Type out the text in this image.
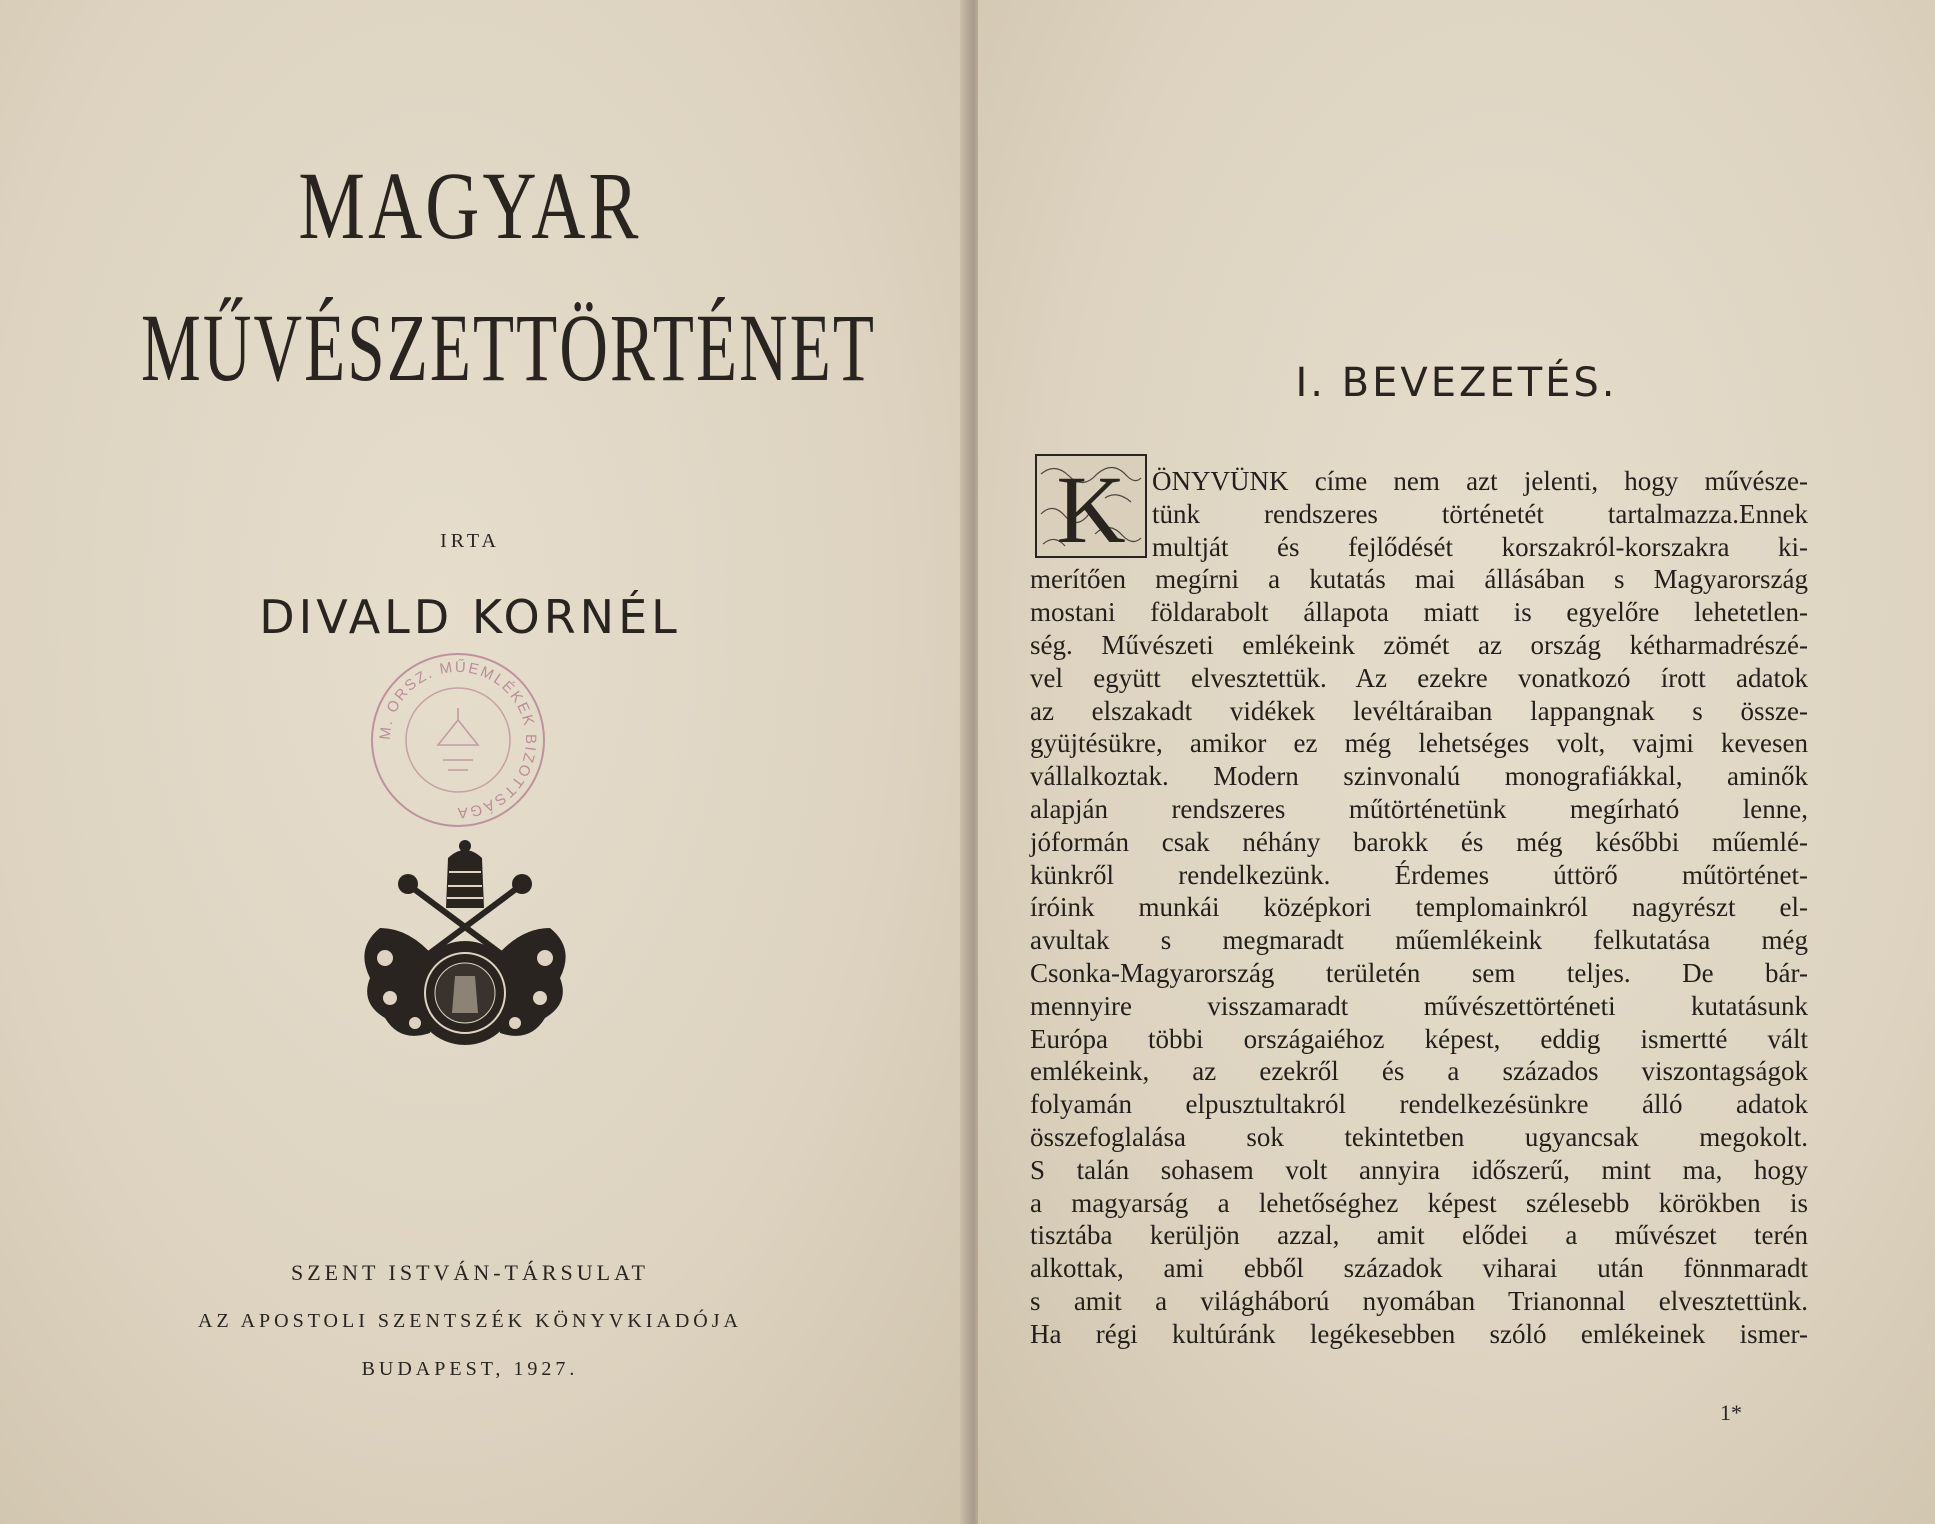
MAGYAR
MŰVÉSZETTÖRTÉNET
IRTA
DIVALD KORNÉL
M. ORSZ. MŰEMLÉKEK BIZOTTSÁGA
SZENT ISTVÁN-TÁRSULAT
AZ APOSTOLI SZENTSZÉK KÖNYVKIADÓJA
BUDAPEST, 1927.
I. BEVEZETÉS.
K ÖNYVÜNK címe nem azt jelenti, hogy művésze-
tünk rendszeres történetét tartalmazza.Ennek
multját és fejlődését korszakról-korszakra ki-
merítően megírni a kutatás mai állásában s Magyarország
mostani földarabolt állapota miatt is egyelőre lehetetlen-
ség. Művészeti emlékeink zömét az ország kétharmadrészé-
vel együtt elvesztettük. Az ezekre vonatkozó írott adatok
az elszakadt vidékek levéltáraiban lappangnak s össze-
gyüjtésükre, amikor ez még lehetséges volt, vajmi kevesen
vállalkoztak. Modern szinvonalú monografiákkal, aminők
alapján rendszeres műtörténetünk megírható lenne,
jóformán csak néhány barokk és még későbbi műemlé-
künkről rendelkezünk. Érdemes úttörő műtörténet-
íróink munkái középkori templomainkról nagyrészt el-
avultak s megmaradt műemlékeink felkutatása még
Csonka-Magyarország területén sem teljes. De bár-
mennyire visszamaradt művészettörténeti kutatásunk
Európa többi országaiéhoz képest, eddig ismertté vált
emlékeink, az ezekről és a százados viszontagságok
folyamán elpusztultakról rendelkezésünkre álló adatok
összefoglalása sok tekintetben ugyancsak megokolt.
S talán sohasem volt annyira időszerű, mint ma, hogy
a magyarság a lehetőséghez képest szélesebb körökben is
tisztába kerüljön azzal, amit elődei a művészet terén
alkottak, ami ebből századok viharai után fönnmaradt
s amit a világháború nyomában Trianonnal elvesztettünk.
Ha régi kultúránk legékesebben szóló emlékeinek ismer-
1*
